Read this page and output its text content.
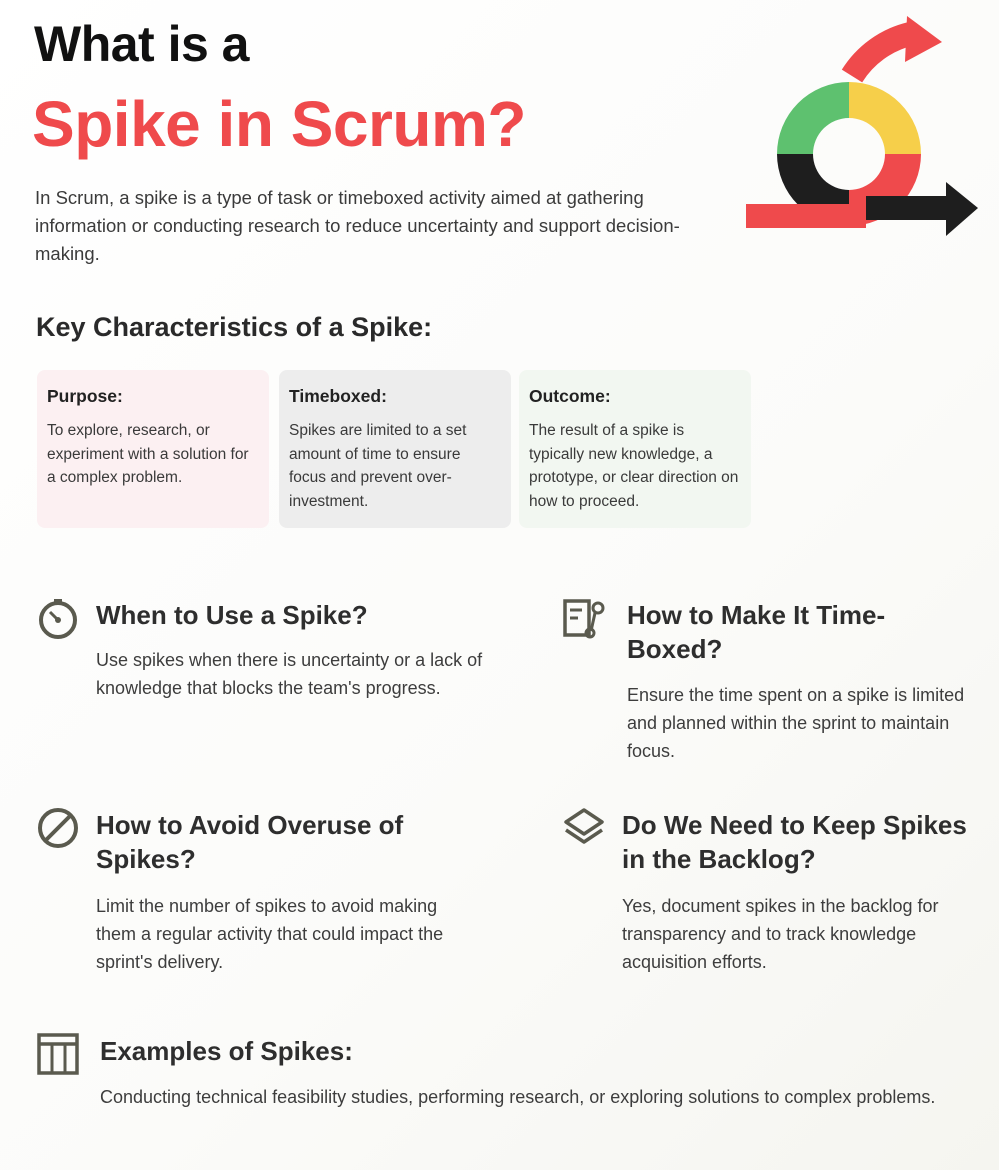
What is a
Spike in Scrum?
In Scrum, a spike is a type of task or timeboxed activity aimed at gathering information or conducting research to reduce uncertainty and support decision-making.
Key Characteristics of a Spike:
Purpose:
To explore, research, or experiment with a solution for a complex problem.
Timeboxed:
Spikes are limited to a set amount of time to ensure focus and prevent over-investment.
Outcome:
The result of a spike is typically new knowledge, a prototype, or clear direction on how to proceed.
When to Use a Spike?
Use spikes when there is uncertainty or a lack of knowledge that blocks the team's progress.
How to Make It Time-Boxed?
Ensure the time spent on a spike is limited and planned within the sprint to maintain focus.
How to Avoid Overuse of Spikes?
Limit the number of spikes to avoid making them a regular activity that could impact the sprint's delivery.
Do We Need to Keep Spikes in the Backlog?
Yes, document spikes in the backlog for transparency and to track knowledge acquisition efforts.
Examples of Spikes:
Conducting technical feasibility studies, performing research, or exploring solutions to complex problems.
